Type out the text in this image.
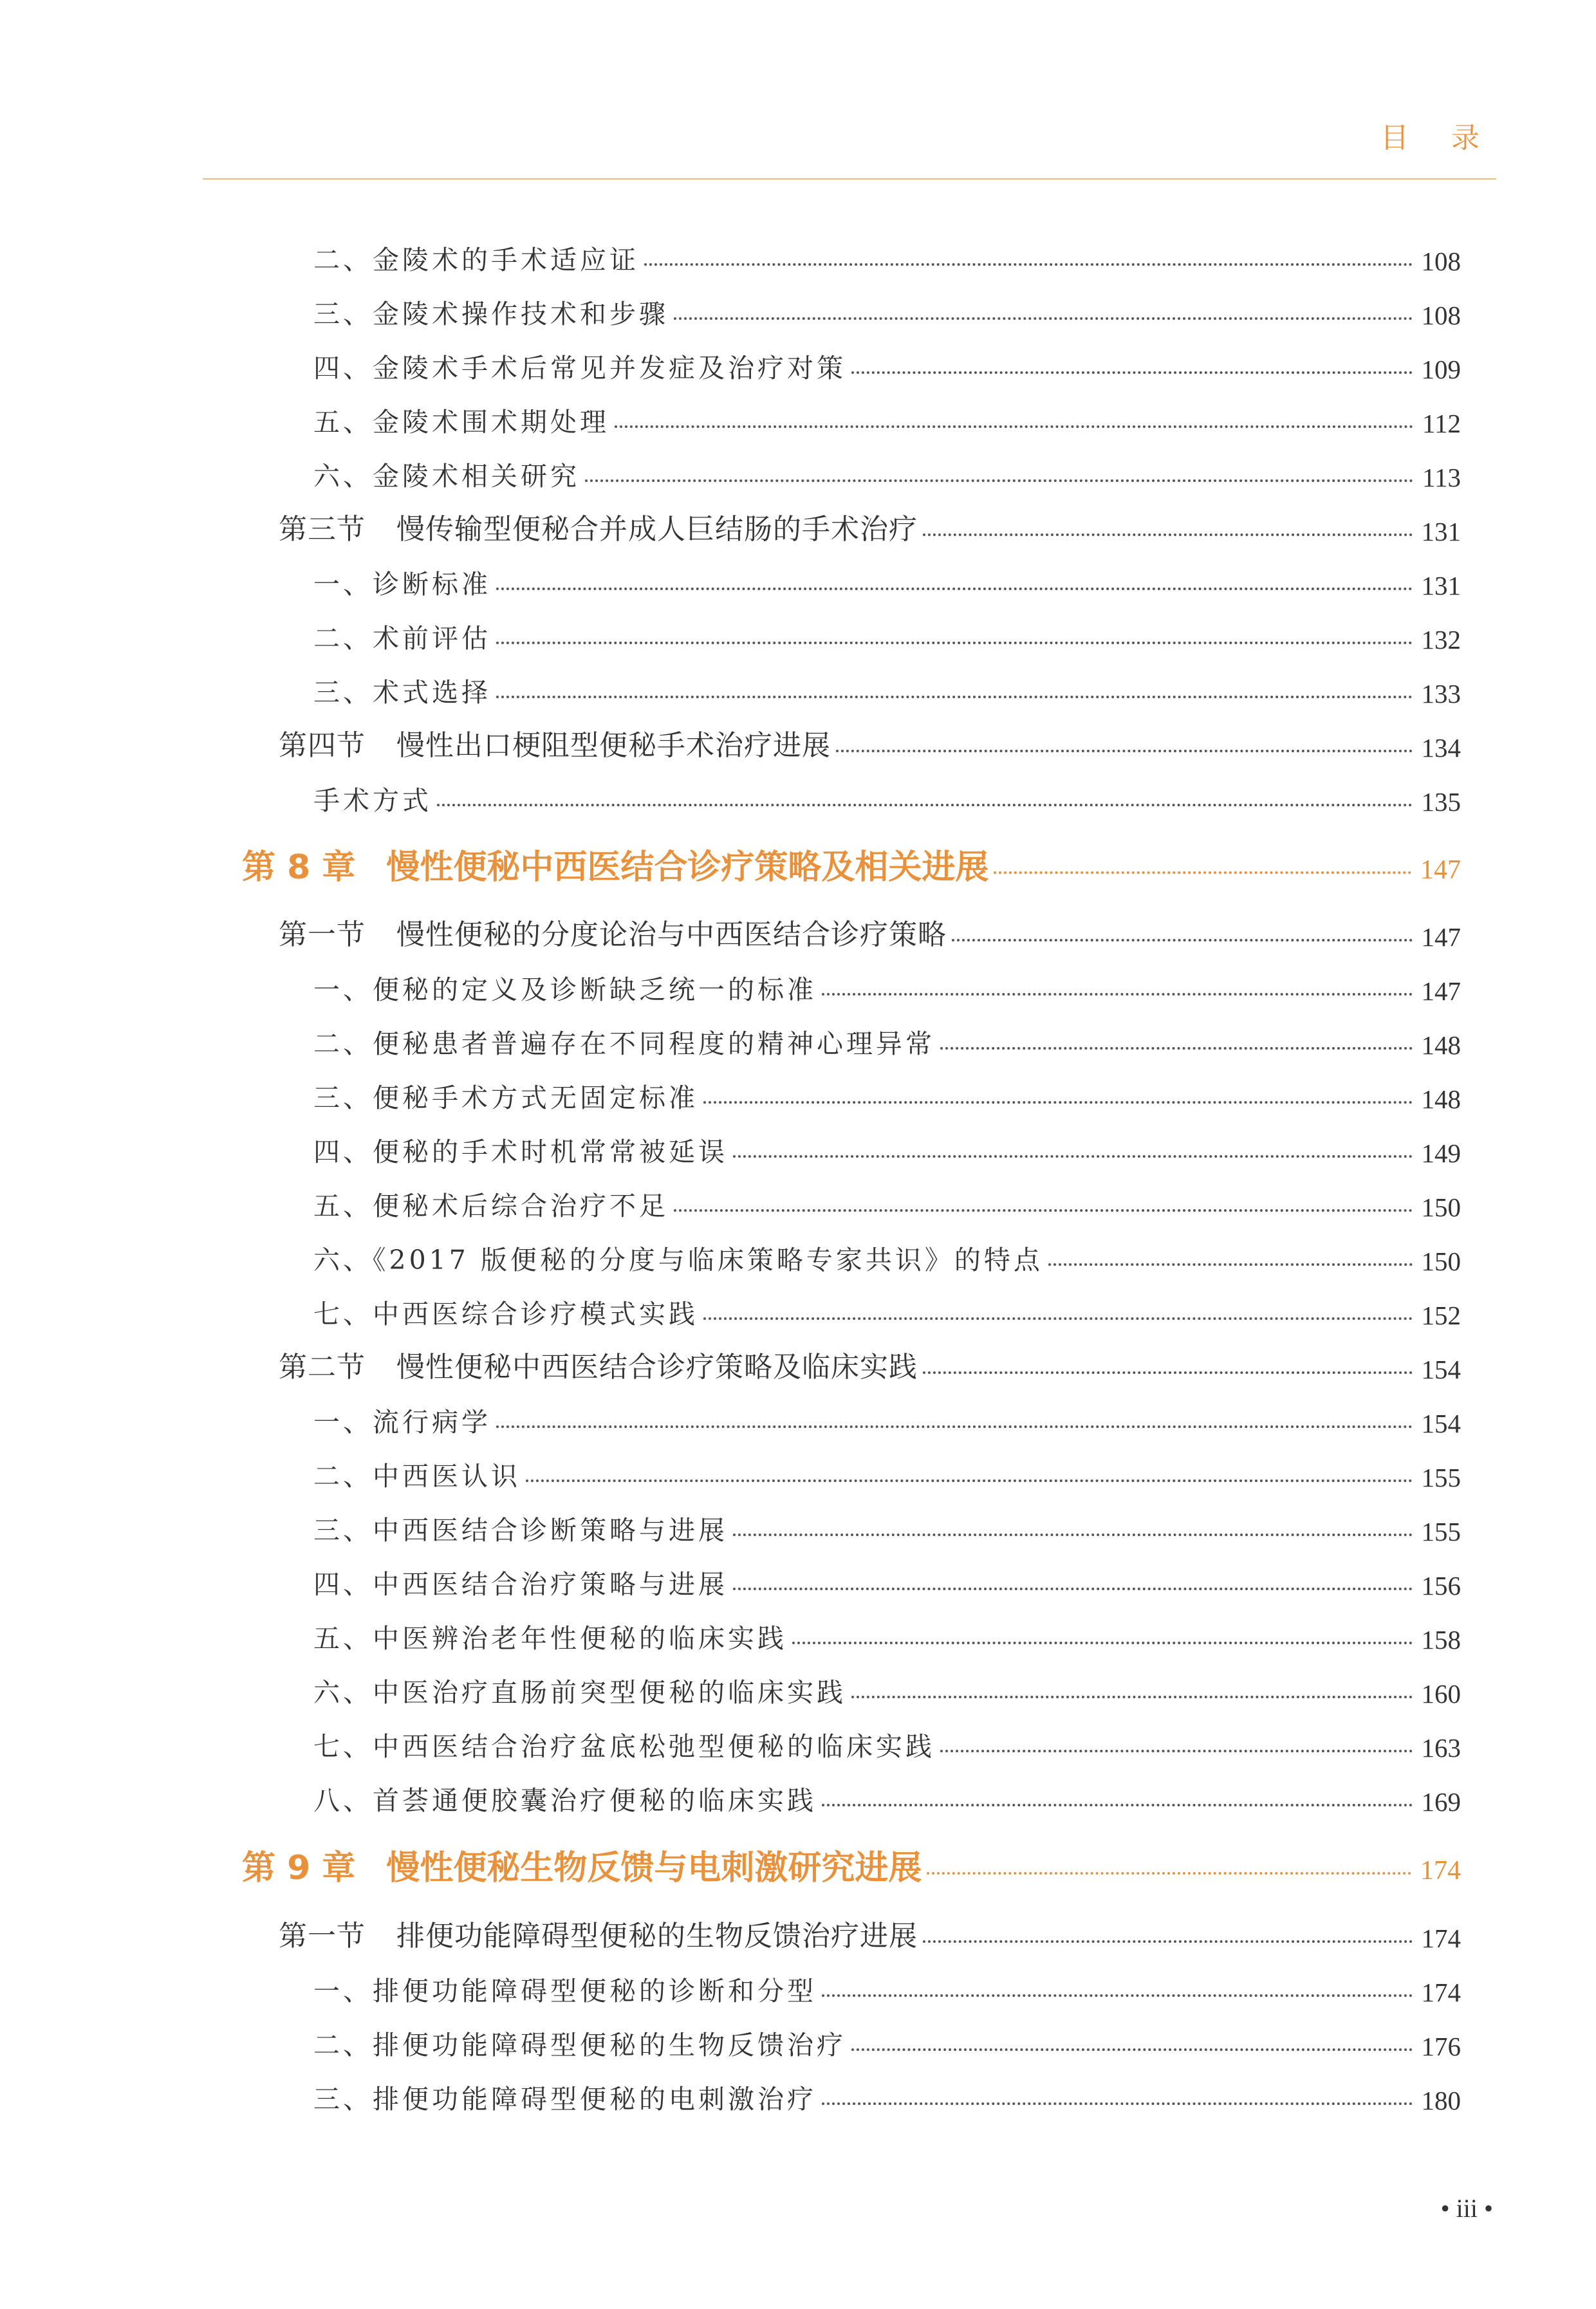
目 录
二、金陵术的手术适应证	108
三、金陵术操作技术和步骤	108
四、金陵术手术后常见并发症及治疗对策	109
五、金陵术围术期处理	112
六、金陵术相关研究	113
第三节 慢传输型便秘合并成人巨结肠的手术治疗	131
一、诊断标准	131
二、术前评估	132
三、术式选择	133
第四节 慢性出口梗阻型便秘手术治疗进展	134
手术方式	135
第 8 章 慢性便秘中西医结合诊疗策略及相关进展	147
第一节 慢性便秘的分度论治与中西医结合诊疗策略	147
一、便秘的定义及诊断缺乏统一的标准	147
二、便秘患者普遍存在不同程度的精神心理异常	148
三、便秘手术方式无固定标准	148
四、便秘的手术时机常常被延误	149
五、便秘术后综合治疗不足	150
六、《2017 版便秘的分度与临床策略专家共识》的特点	150
七、中西医综合诊疗模式实践	152
第二节 慢性便秘中西医结合诊疗策略及临床实践	154
一、流行病学	154
二、中西医认识	155
三、中西医结合诊断策略与进展	155
四、中西医结合治疗策略与进展	156
五、中医辨治老年性便秘的临床实践	158
六、中医治疗直肠前突型便秘的临床实践	160
七、中西医结合治疗盆底松弛型便秘的临床实践	163
八、首荟通便胶囊治疗便秘的临床实践	169
第 9 章 慢性便秘生物反馈与电刺激研究进展	174
第一节 排便功能障碍型便秘的生物反馈治疗进展	174
一、排便功能障碍型便秘的诊断和分型	174
二、排便功能障碍型便秘的生物反馈治疗	176
三、排便功能障碍型便秘的电刺激治疗	180
• iii •
